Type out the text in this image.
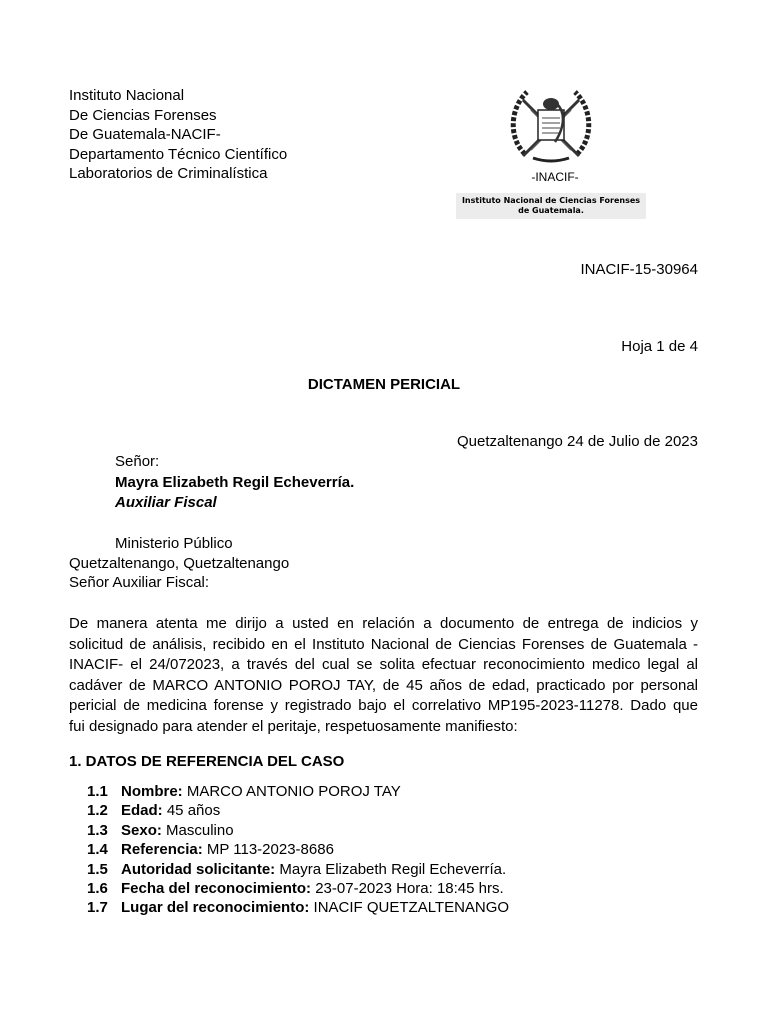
Instituto Nacional
De Ciencias Forenses
De Guatemala-NACIF-
Departamento Técnico Científico
Laboratorios de Criminalística	-INACIF-
Instituto Nacional de Ciencias Forenses
de Guatemala.
INACIF-15-30964
Hoja 1 de 4
DICTAMEN PERICIAL
Quetzaltenango 24 de Julio de 2023
Señor:
Mayra Elizabeth Regil Echeverría.
Auxiliar Fiscal
Ministerio Público
Quetzaltenango, Quetzaltenango
Señor Auxiliar Fiscal:
De manera atenta me dirijo a usted en relación a documento de entrega de indicios y
solicitud de análisis, recibido en el Instituto Nacional de Ciencias Forenses de Guatemala -
INACIF- el 24/072023, a través del cual se solita efectuar reconocimiento medico legal al
cadáver de MARCO ANTONIO POROJ TAY, de 45 años de edad, practicado por personal
pericial de medicina forense y registrado bajo el correlativo MP195-2023-11278. Dado que
fui designado para atender el peritaje, respetuosamente manifiesto:
1. DATOS DE REFERENCIA DEL CASO
1.1 Nombre: MARCO ANTONIO POROJ TAY
1.2 Edad: 45 años
1.3 Sexo: Masculino
1.4 Referencia: MP 113-2023-8686
1.5 Autoridad solicitante: Mayra Elizabeth Regil Echeverría.
1.6 Fecha del reconocimiento: 23-07-2023 Hora: 18:45 hrs.
1.7 Lugar del reconocimiento: INACIF QUETZALTENANGO
